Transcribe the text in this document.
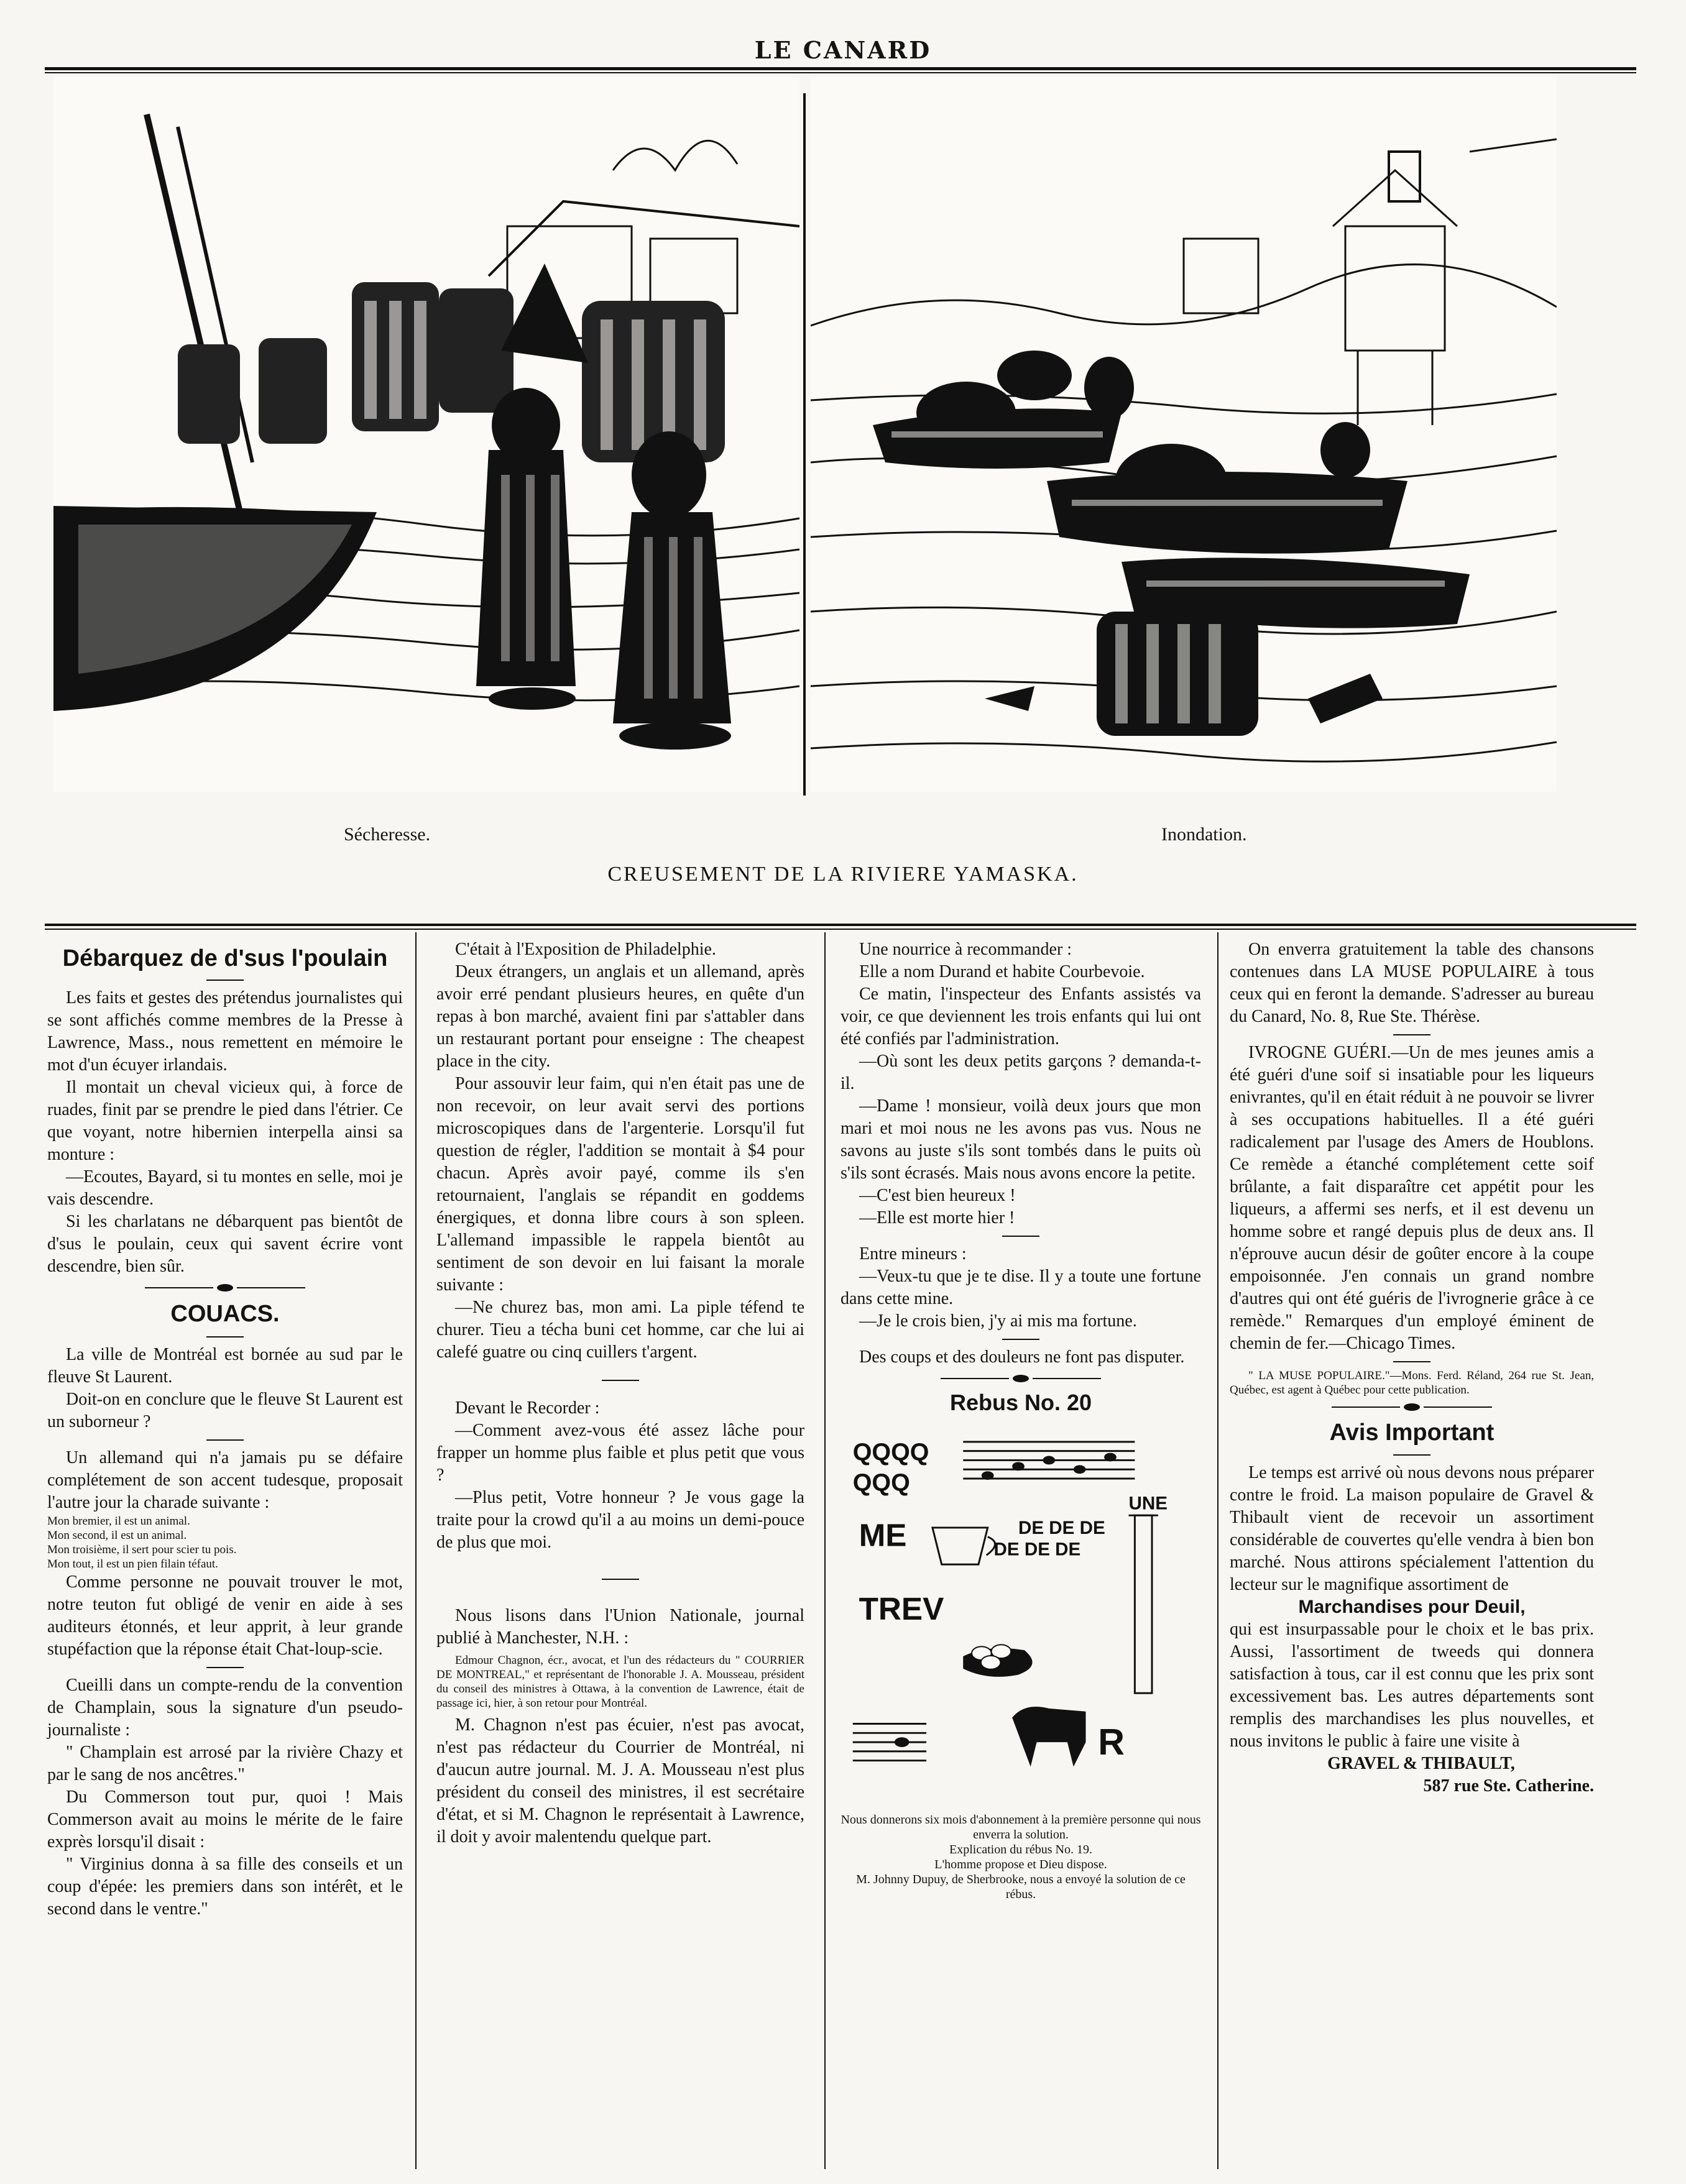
LE CANARD
Sécheresse.	Inondation.
CREUSEMENT DE LA RIVIERE YAMASKA.

Débarquez de d'sus l'poulain

Les faits et gestes des prétendus journalistes qui se sont affichés comme membres de la Presse à Lawrence, Mass., nous remettent en mémoire le mot d'un écuyer irlandais.

Il montait un cheval vicieux qui, à force de ruades, finit par se prendre le pied dans l'étrier. Ce que voyant, notre hibernien interpella ainsi sa monture :

—Ecoutes, Bayard, si tu montes en selle, moi je vais descendre.

Si les charlatans ne débarquent pas bientôt de d'sus le poulain, ceux qui savent écrire vont descendre, bien sûr.

COUACS.

La ville de Montréal est bornée au sud par le fleuve St Laurent.

Doit-on en conclure que le fleuve St Laurent est un suborneur ?

Un allemand qui n'a jamais pu se défaire complétement de son accent tudesque, proposait l'autre jour la charade suivante :

Mon bremier, il est un animal.

Mon second, il est un animal.

Mon troisième, il sert pour scier tu pois.

Mon tout, il est un pien filain téfaut.

Comme personne ne pouvait trouver le mot, notre teuton fut obligé de venir en aide à ses auditeurs étonnés, et leur apprit, à leur grande stupéfaction que la réponse était Chat-loup-scie.

Cueilli dans un compte-rendu de la convention de Champlain, sous la signature d'un pseudo-journaliste :

" Champlain est arrosé par la rivière Chazy et par le sang de nos ancêtres."

Du Commerson tout pur, quoi ! Mais Commerson avait au moins le mérite de le faire exprès lorsqu'il disait :

" Virginius donna à sa fille des conseils et un coup d'épée: les premiers dans son intérêt, et le second dans le ventre."

C'était à l'Exposition de Philadelphie.

Deux étrangers, un anglais et un allemand, après avoir erré pendant plusieurs heures, en quête d'un repas à bon marché, avaient fini par s'attabler dans un restaurant portant pour enseigne : The cheapest place in the city.

Pour assouvir leur faim, qui n'en était pas une de non recevoir, on leur avait servi des portions microscopiques dans de l'argenterie. Lorsqu'il fut question de régler, l'addition se montait à $4 pour chacun. Après avoir payé, comme ils s'en retournaient, l'anglais se répandit en goddems énergiques, et donna libre cours à son spleen. L'allemand impassible le rappela bientôt au sentiment de son devoir en lui faisant la morale suivante :

—Ne churez bas, mon ami. La piple téfend te churer. Tieu a técha buni cet homme, car che lui ai calefé guatre ou cinq cuillers t'argent.

Devant le Recorder :

—Comment avez-vous été assez lâche pour frapper un homme plus faible et plus petit que vous ?

—Plus petit, Votre honneur ? Je vous gage la traite pour la crowd qu'il a au moins un demi-pouce de plus que moi.

Nous lisons dans l'Union Nationale, journal publié à Manchester, N.H. :

Edmour Chagnon, écr., avocat, et l'un des rédacteurs du " COURRIER DE MONTREAL," et représentant de l'honorable J. A. Mousseau, président du conseil des ministres à Ottawa, à la convention de Lawrence, était de passage ici, hier, à son retour pour Montréal.

M. Chagnon n'est pas écuier, n'est pas avocat, n'est pas rédacteur du Courrier de Montréal, ni d'aucun autre journal. M. J. A. Mousseau n'est plus président du conseil des ministres, il est secrétaire d'état, et si M. Chagnon le représentait à Lawrence, il doit y avoir malentendu quelque part.

Une nourrice à recommander :

Elle a nom Durand et habite Courbevoie.

Ce matin, l'inspecteur des Enfants assistés va voir, ce que deviennent les trois enfants qui lui ont été confiés par l'administration.

—Où sont les deux petits garçons ? demanda-t-il.

—Dame ! monsieur, voilà deux jours que mon mari et moi nous ne les avons pas vus. Nous ne savons au juste s'ils sont tombés dans le puits où s'ils sont écrasés. Mais nous avons encore la petite.

—C'est bien heureux !

—Elle est morte hier !

Entre mineurs :

—Veux-tu que je te dise. Il y a toute une fortune dans cette mine.

—Je le crois bien, j'y ai mis ma fortune.

Des coups et des douleurs ne font pas disputer.

Rebus No. 20

QQQQ
QQQ
ME	DE DE DE
DE DE DE
UNE
TREV
R

Nous donnerons six mois d'abonnement à la première personne qui nous enverra la solution.

Explication du rébus No. 19.

L'homme propose et Dieu dispose.

M. Johnny Dupuy, de Sherbrooke, nous a envoyé la solution de ce rébus.

On enverra gratuitement la table des chansons contenues dans LA MUSE POPULAIRE à tous ceux qui en feront la demande. S'adresser au bureau du Canard, No. 8, Rue Ste. Thérèse.

IVROGNE GUÉRI.—Un de mes jeunes amis a été guéri d'une soif si insatiable pour les liqueurs enivrantes, qu'il en était réduit à ne pouvoir se livrer à ses occupations habituelles. Il a été guéri radicalement par l'usage des Amers de Houblons. Ce remède a étanché complétement cette soif brûlante, a fait disparaître cet appétit pour les liqueurs, a affermi ses nerfs, et il est devenu un homme sobre et rangé depuis plus de deux ans. Il n'éprouve aucun désir de goûter encore à la coupe empoisonnée. J'en connais un grand nombre d'autres qui ont été guéris de l'ivrognerie grâce à ce remède." Remarques d'un employé éminent de chemin de fer.—Chicago Times.

" LA MUSE POPULAIRE."—Mons. Ferd. Réland, 264 rue St. Jean, Québec, est agent à Québec pour cette publication.

Avis Important

Le temps est arrivé où nous devons nous préparer contre le froid. La maison populaire de Gravel & Thibault vient de recevoir un assortiment considérable de couvertes qu'elle vendra à bien bon marché. Nous attirons spécialement l'attention du lecteur sur le magnifique assortiment de

Marchandises pour Deuil,

qui est insurpassable pour le choix et le bas prix. Aussi, l'assortiment de tweeds qui donnera satisfaction à tous, car il est connu que les prix sont excessivement bas. Les autres départements sont remplis des marchandises les plus nouvelles, et nous invitons le public à faire une visite à

GRAVEL & THIBAULT,

587 rue Ste. Catherine.
